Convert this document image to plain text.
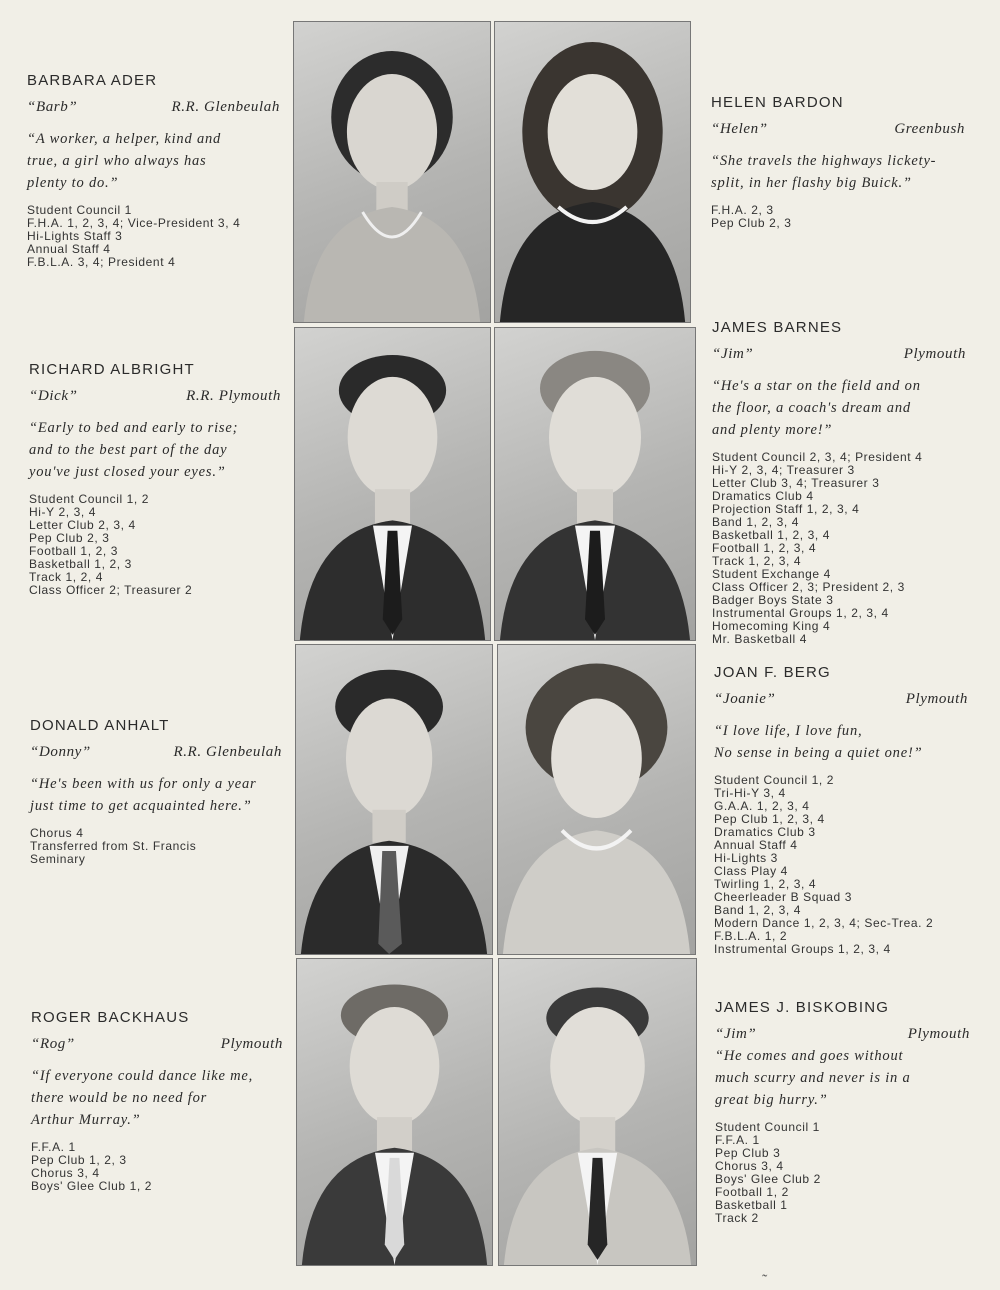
BARBARA ADER
“Barb”	R.R. Glenbeulah
“A worker, a helper, kind and
true, a girl who always has
plenty to do.”
Student Council 1
F.H.A. 1, 2, 3, 4; Vice-President 3, 4
Hi-Lights Staff 3
Annual Staff 4
F.B.L.A. 3, 4; President 4
RICHARD ALBRIGHT
“Dick”	R.R. Plymouth
“Early to bed and early to rise;
and to the best part of the day
you've just closed your eyes.”
Student Council 1, 2
Hi-Y 2, 3, 4
Letter Club 2, 3, 4
Pep Club 2, 3
Football 1, 2, 3
Basketball 1, 2, 3
Track 1, 2, 4
Class Officer 2; Treasurer 2
DONALD ANHALT
“Donny”	R.R. Glenbeulah
“He's been with us for only a year
just time to get acquainted here.”
Chorus 4
Transferred from St. Francis
Seminary
ROGER BACKHAUS
“Rog”	Plymouth
“If everyone could dance like me,
there would be no need for
Arthur Murray.”
F.F.A. 1
Pep Club 1, 2, 3
Chorus 3, 4
Boys' Glee Club 1, 2
HELEN BARDON
“Helen”	Greenbush
“She travels the highways lickety-
split, in her flashy big Buick.”
F.H.A. 2, 3
Pep Club 2, 3
JAMES BARNES
“Jim”	Plymouth
“He's a star on the field and on
the floor, a coach's dream and
and plenty more!”
Student Council 2, 3, 4; President 4
Hi-Y 2, 3, 4; Treasurer 3
Letter Club 3, 4; Treasurer 3
Dramatics Club 4
Projection Staff 1, 2, 3, 4
Band 1, 2, 3, 4
Basketball 1, 2, 3, 4
Football 1, 2, 3, 4
Track 1, 2, 3, 4
Student Exchange 4
Class Officer 2, 3; President 2, 3
Badger Boys State 3
Instrumental Groups 1, 2, 3, 4
Homecoming King 4
Mr. Basketball 4
JOAN F. BERG
“Joanie”	Plymouth
“I love life, I love fun,
No sense in being a quiet one!”
Student Council 1, 2
Tri-Hi-Y 3, 4
G.A.A. 1, 2, 3, 4
Pep Club 1, 2, 3, 4
Dramatics Club 3
Annual Staff 4
Hi-Lights 3
Class Play 4
Twirling 1, 2, 3, 4
Cheerleader B Squad 3
Band 1, 2, 3, 4
Modern Dance 1, 2, 3, 4; Sec-Trea. 2
F.B.L.A. 1, 2
Instrumental Groups 1, 2, 3, 4
JAMES J. BISKOBING
“Jim”	Plymouth
“He comes and goes without
much scurry and never is in a
great big hurry.”
Student Council 1
F.F.A. 1
Pep Club 3
Chorus 3, 4
Boys' Glee Club 2
Football 1, 2
Basketball 1
Track 2
˜
